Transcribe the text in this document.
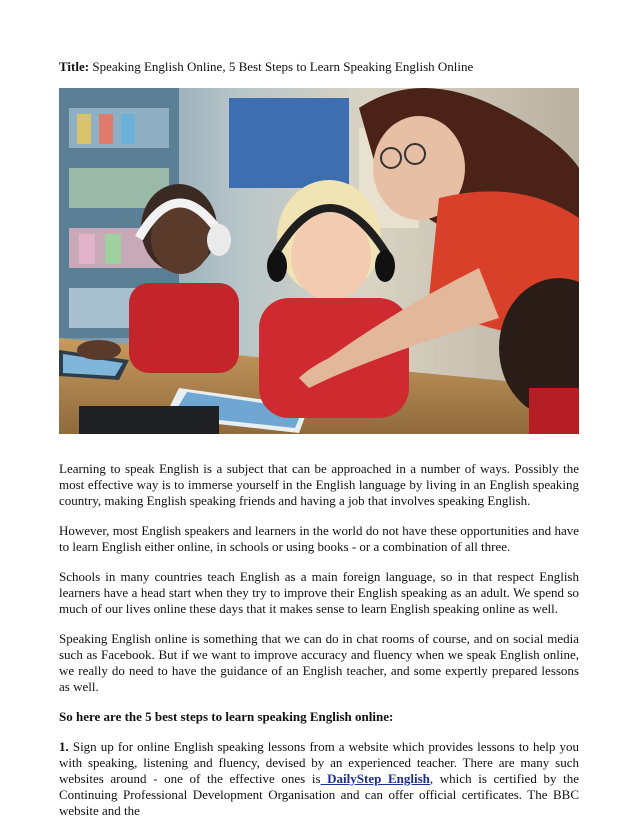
Title: Speaking English Online, 5 Best Steps to Learn Speaking English Online

Learning to speak English is a subject that can be approached in a number of ways. Possibly the most effective way is to immerse yourself in the English language by living in an English speaking country, making English speaking friends and having a job that involves speaking English.

However, most English speakers and learners in the world do not have these opportunities and have to learn English either online, in schools or using books - or a combination of all three.

Schools in many countries teach English as a main foreign language, so in that respect English learners have a head start when they try to improve their English speaking as an adult. We spend so much of our lives online these days that it makes sense to learn English speaking online as well.

Speaking English online is something that we can do in chat rooms of course, and on social media such as Facebook. But if we want to improve accuracy and fluency when we speak English online, we really do need to have the guidance of an English teacher, and some expertly prepared lessons as well.

So here are the 5 best steps to learn speaking English online:

1. Sign up for online English speaking lessons from a website which provides lessons to help you with speaking, listening and fluency, devised by an experienced teacher. There are many such websites around - one of the effective ones is DailyStep English, which is certified by the Continuing Professional Development Organisation and can offer official certificates. The BBC website and the
